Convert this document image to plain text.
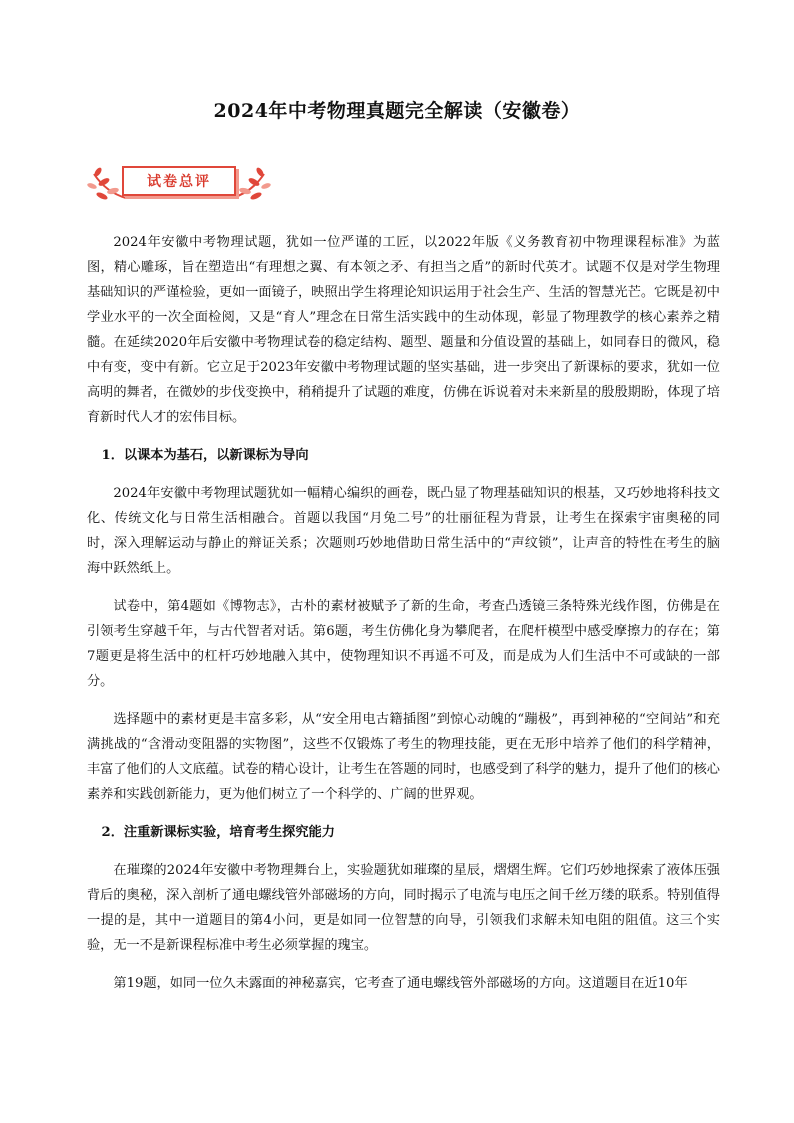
2024年中考物理真题完全解读（安徽卷）
试卷总评

2024年安徽中考物理试题，犹如一位严谨的工匠，以2022年版《义务教育初中物理课程标准》为蓝图，精心雕琢，旨在塑造出“有理想之翼、有本领之矛、有担当之盾”的新时代英才。试题不仅是对学生物理基础知识的严谨检验，更如一面镜子，映照出学生将理论知识运用于社会生产、生活的智慧光芒。它既是初中学业水平的一次全面检阅，又是“育人”理念在日常生活实践中的生动体现，彰显了物理教学的核心素养之精髓。在延续2020年后安徽中考物理试卷的稳定结构、题型、题量和分值设置的基础上，如同春日的微风，稳中有变，变中有新。它立足于2023年安徽中考物理试题的坚实基础，进一步突出了新课标的要求，犹如一位高明的舞者，在微妙的步伐变换中，稍稍提升了试题的难度，仿佛在诉说着对未来新星的殷殷期盼，体现了培育新时代人才的宏伟目标。

1．以课本为基石，以新课标为导向

2024年安徽中考物理试题犹如一幅精心编织的画卷，既凸显了物理基础知识的根基，又巧妙地将科技文化、传统文化与日常生活相融合。首题以我国“月兔二号”的壮丽征程为背景，让考生在探索宇宙奥秘的同时，深入理解运动与静止的辩证关系；次题则巧妙地借助日常生活中的“声纹锁”，让声音的特性在考生的脑海中跃然纸上。

试卷中，第4题如《博物志》，古朴的素材被赋予了新的生命，考查凸透镜三条特殊光线作图，仿佛是在引领考生穿越千年，与古代智者对话。第6题，考生仿佛化身为攀爬者，在爬杆模型中感受摩擦力的存在；第7题更是将生活中的杠杆巧妙地融入其中，使物理知识不再遥不可及，而是成为人们生活中不可或缺的一部分。

选择题中的素材更是丰富多彩，从“安全用电古籍插图”到惊心动魄的“蹦极”，再到神秘的“空间站”和充满挑战的“含滑动变阻器的实物图”，这些不仅锻炼了考生的物理技能，更在无形中培养了他们的科学精神，丰富了他们的人文底蕴。试卷的精心设计，让考生在答题的同时，也感受到了科学的魅力，提升了他们的核心素养和实践创新能力，更为他们树立了一个科学的、广阔的世界观。

2．注重新课标实验，培育考生探究能力

在璀璨的2024年安徽中考物理舞台上，实验题犹如璀璨的星辰，熠熠生辉。它们巧妙地探索了液体压强背后的奥秘，深入剖析了通电螺线管外部磁场的方向，同时揭示了电流与电压之间千丝万缕的联系。特别值得一提的是，其中一道题目的第4小问，更是如同一位智慧的向导，引领我们求解未知电阻的阻值。这三个实验，无一不是新课程标准中考生必须掌握的瑰宝。

第19题，如同一位久未露面的神秘嘉宾，它考查了通电螺线管外部磁场的方向。这道题目在近10年
